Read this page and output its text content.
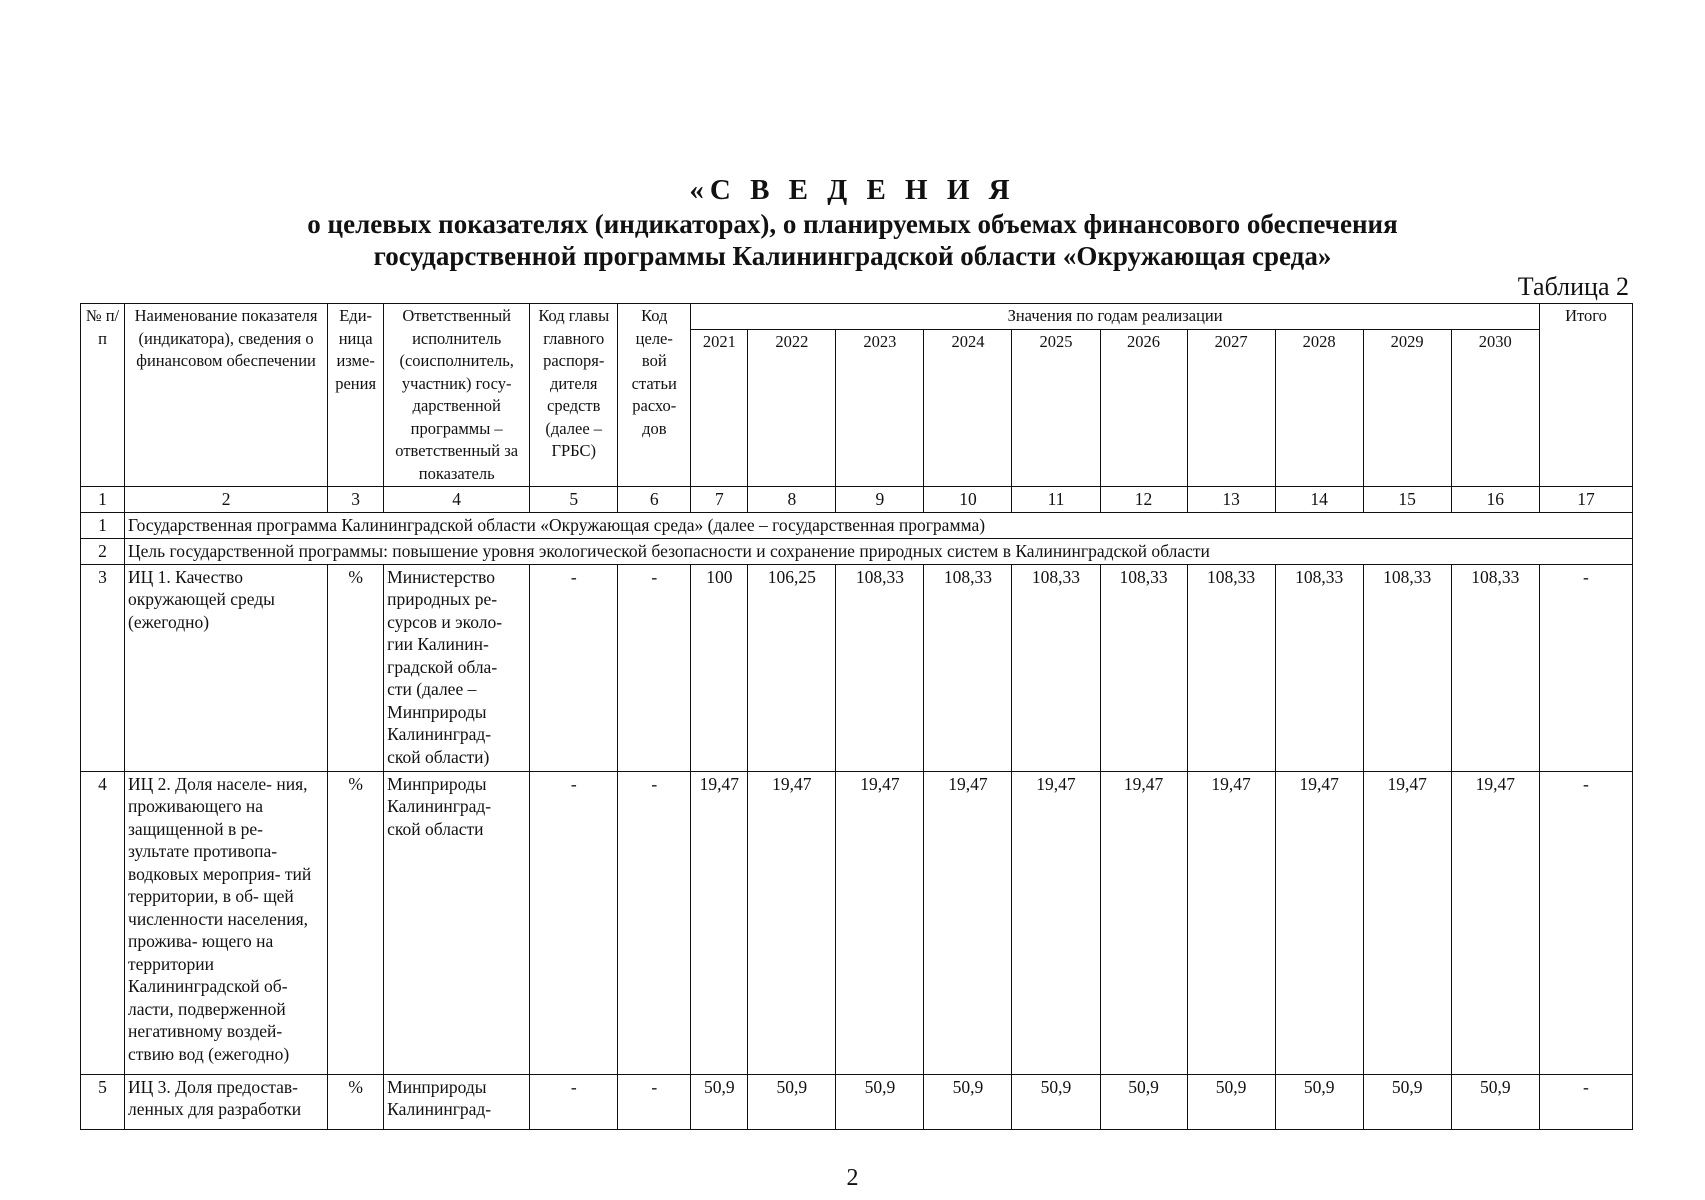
«С В Е Д Е Н И Я
о целевых показателях (индикаторах), о планируемых объемах финансового обеспечения
государственной программы Калининградской области «Окружающая среда»
Таблица 2
№ п/п	Наименование показателя (индикатора), сведения о финансовом обеспечении	Еди- ница изме- рения	Ответственный исполнитель (соисполнитель, участник) госу- дарственной программы – ответственный за показатель	Код главы главного распоря- дителя средств (далее – ГРБС)	Код целе- вой статьи расхо- дов	Значения по годам реализации										Итого
						2021	2022	2023	2024	2025	2026	2027	2028	2029	2030	
1	2	3	4	5	6	7	8	9	10	11	12	13	14	15	16	17
1	Государственная программа Калининградской области «Окружающая среда» (далее – государственная программа)															
2	Цель государственной программы: повышение уровня экологической безопасности и сохранение природных систем в Калининградской области															
3	ИЦ 1. Качество окружающей среды (ежегодно)	%	Министерство природных ре- сурсов и эколо- гии Калинин- градской обла- сти (далее – Минприроды Калининград- ской области)	-	-	100	106,25	108,33	108,33	108,33	108,33	108,33	108,33	108,33	108,33	-
4	ИЦ 2. Доля населе- ния, проживающего на защищенной в ре- зультате противопа- водковых мероприя- тий территории, в об- щей численности населения, прожива- ющего на территории Калининградской об- ласти, подверженной негативному воздей- ствию вод (ежегодно)	%	Минприроды Калининград- ской области	-	-	19,47	19,47	19,47	19,47	19,47	19,47	19,47	19,47	19,47	19,47	-
5	ИЦ 3. Доля предостав- ленных для разработки	%	Минприроды Калининград-	-	-	50,9	50,9	50,9	50,9	50,9	50,9	50,9	50,9	50,9	50,9	-
2
